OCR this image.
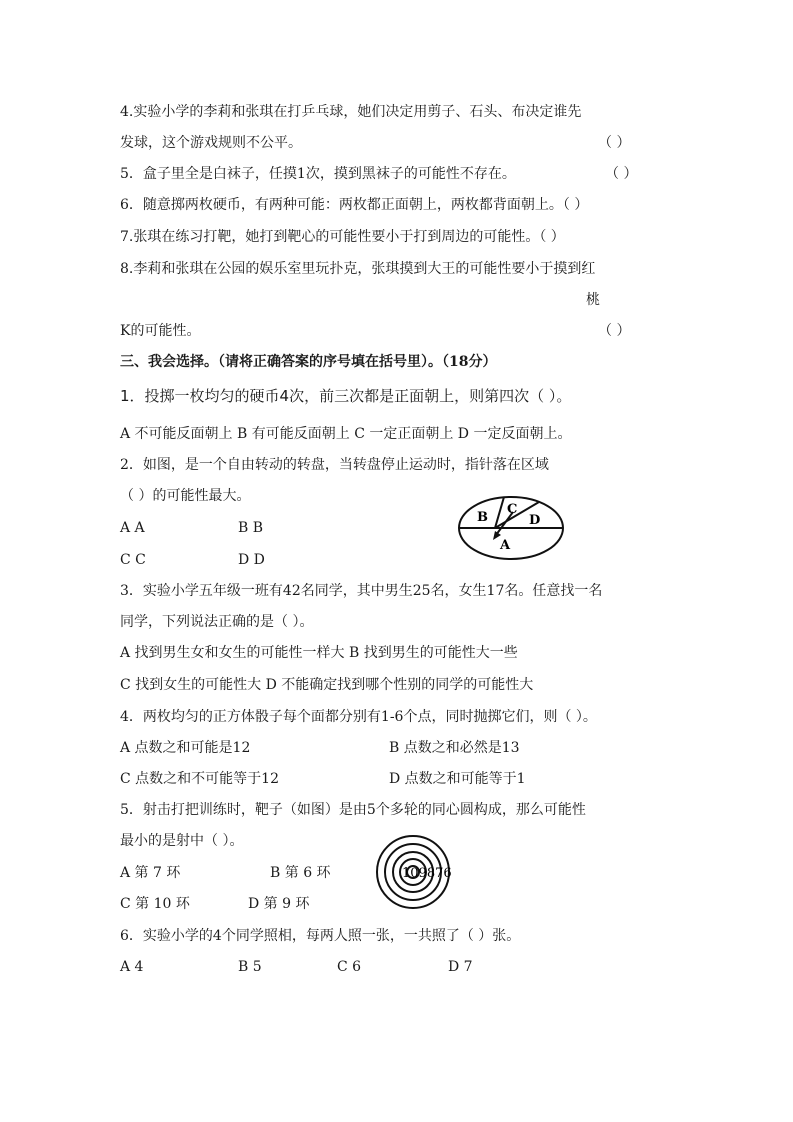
4.实验小学的李莉和张琪在打乒乓球，她们决定用剪子、石头、布决定谁先
发球，这个游戏规则不公平。	（ ）
5．盒子里全是白袜子，任摸1次，摸到黑袜子的可能性不存在。	（ ）
6．随意掷两枚硬币，有两种可能：两枚都正面朝上，两枚都背面朝上。（ ）
7.张琪在练习打靶，她打到靶心的可能性要小于打到周边的可能性。（ ）
8.李莉和张琪在公园的娱乐室里玩扑克，张琪摸到大王的可能性要小于摸到红
桃
K的可能性。	（ ）
三、我会选择。（请将正确答案的序号填在括号里）。（18分）
1．投掷一枚均匀的硬币4次，前三次都是正面朝上，则第四次（ ）。
A 不可能反面朝上 B 有可能反面朝上 C 一定正面朝上 D 一定反面朝上。
2．如图，是一个自由转动的转盘，当转盘停止运动时，指针落在区域
（ ）的可能性最大。
A A	B B
C C	D D
B
C
D
A
3．实验小学五年级一班有42名同学，其中男生25名，女生17名。任意找一名
同学，下列说法正确的是（ ）。
A 找到男生女和女生的可能性一样大 B 找到男生的可能性大一些
C 找到女生的可能性大 D 不能确定找到哪个性别的同学的可能性大
4．两枚均匀的正方体骰子每个面都分别有1-6个点，同时抛掷它们，则（ ）。
A 点数之和可能是12	B 点数之和必然是13
C 点数之和不可能等于12	D 点数之和可能等于1
5．射击打把训练时，靶子（如图）是由5个多轮的同心圆构成，那么可能性
最小的是射中（ ）。
A 第 7 环	B 第 6 环
C 第 10 环	D 第 9 环
109876
6．实验小学的4个同学照相，每两人照一张，一共照了（ ）张。
A 4	B 5	C 6	D 7
